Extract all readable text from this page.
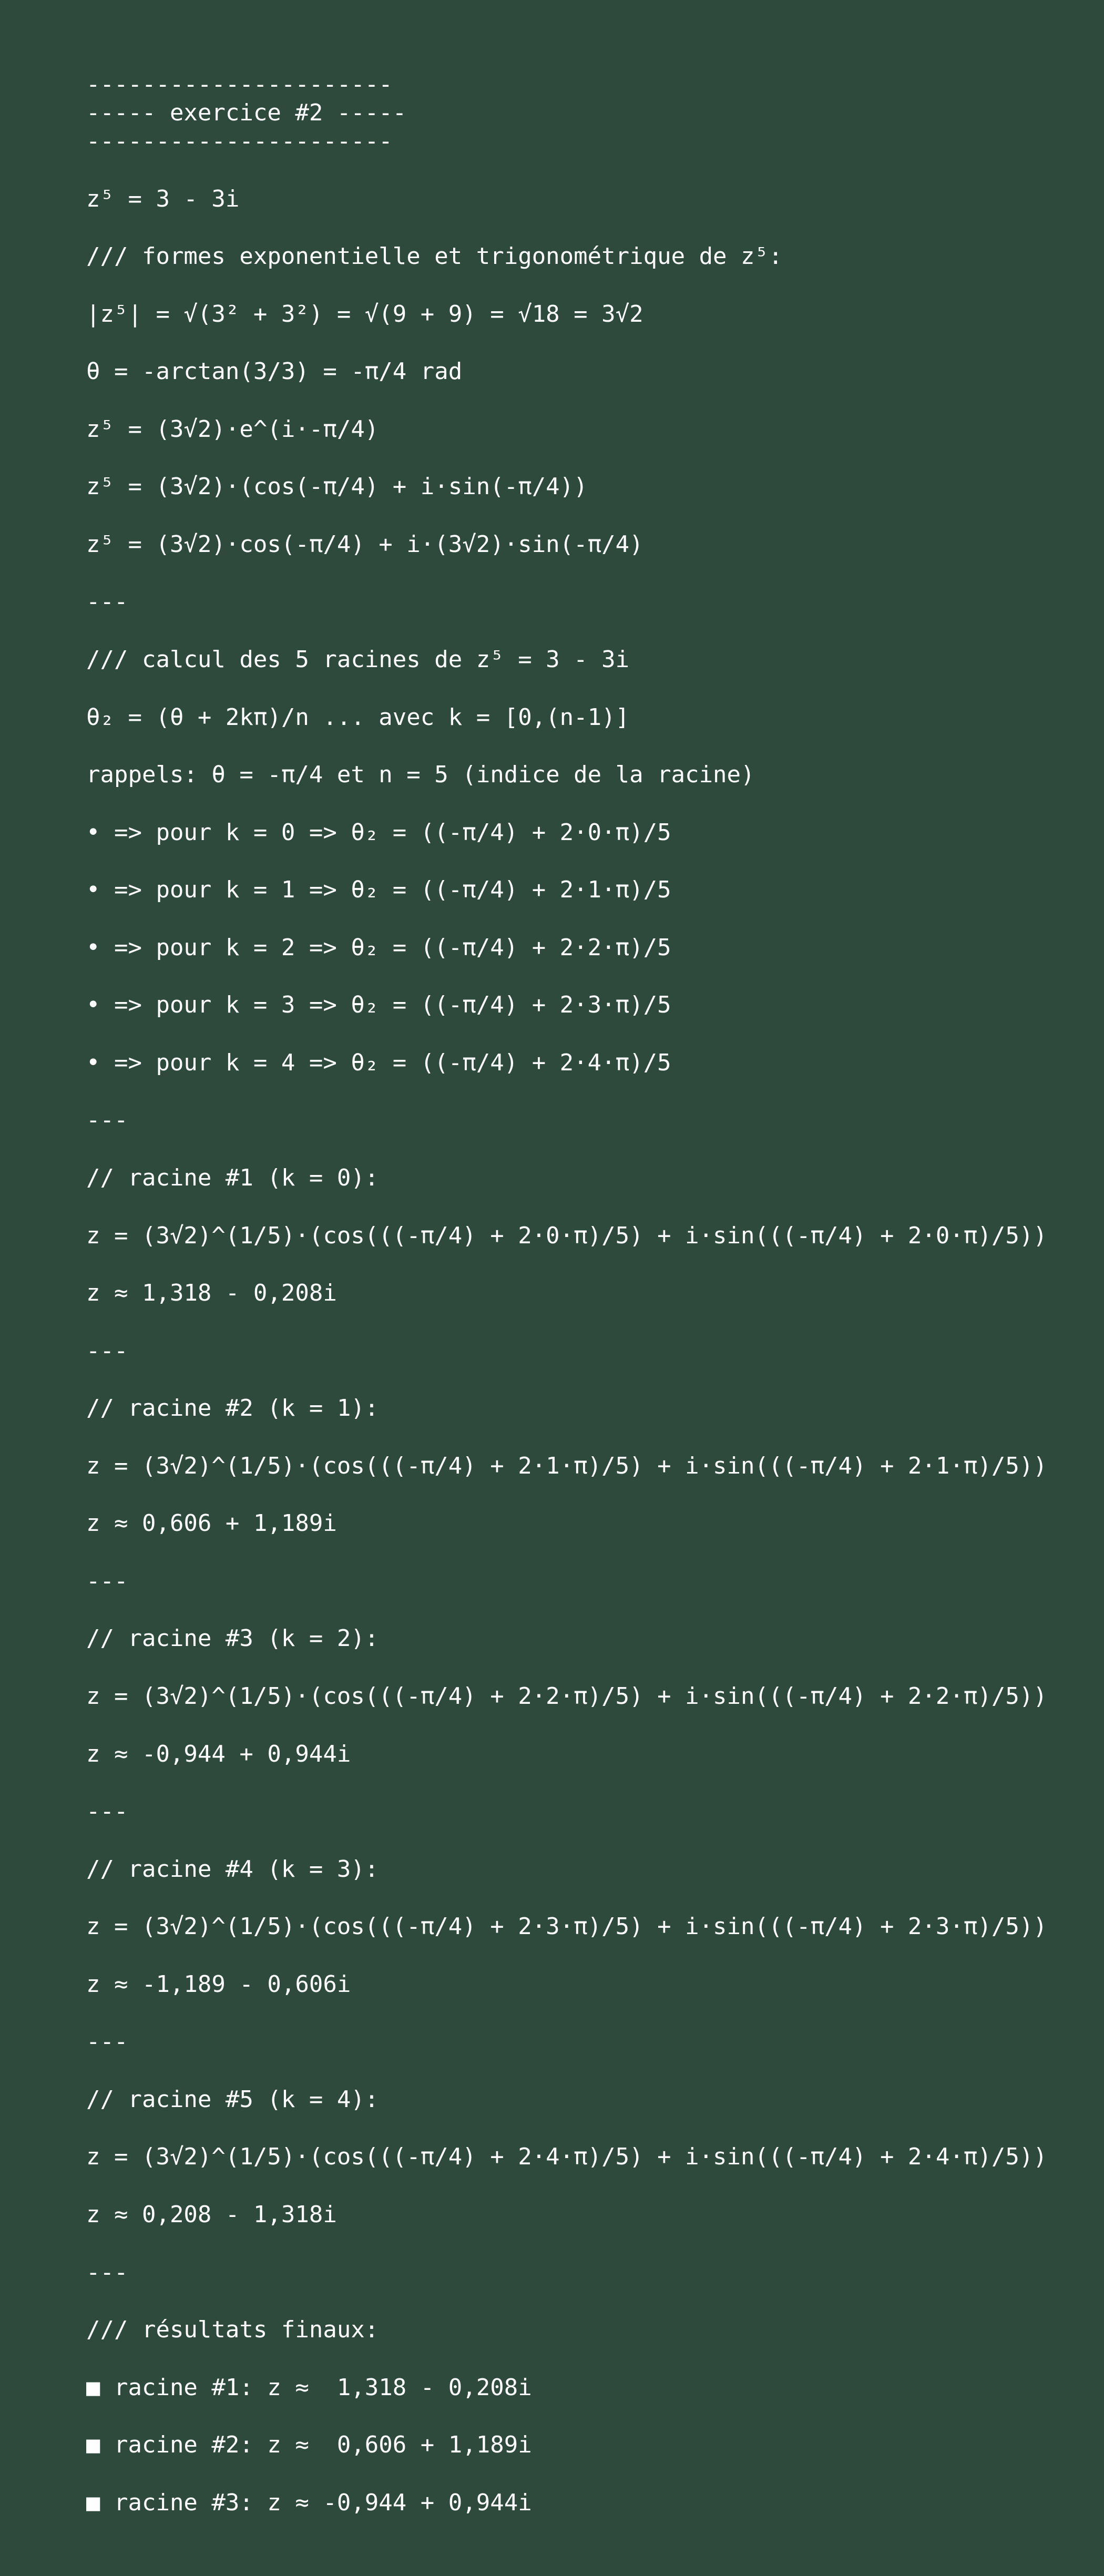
----------------------
----- exercice #2 -----
----------------------
z⁵ = 3 - 3i
/// formes exponentielle et trigonométrique de z⁵:
|z⁵| = √(3² + 3²) = √(9 + 9) = √18 = 3√2
θ = -arctan(3/3) = -π/4 rad
z⁵ = (3√2)·e^(i·-π/4)
z⁵ = (3√2)·(cos(-π/4) + i·sin(-π/4))
z⁵ = (3√2)·cos(-π/4) + i·(3√2)·sin(-π/4)
---
/// calcul des 5 racines de z⁵ = 3 - 3i
θ₂ = (θ + 2kπ)/n ... avec k = [0,(n-1)]
rappels: θ = -π/4 et n = 5 (indice de la racine)
• => pour k = 0 => θ₂ = ((-π/4) + 2·0·π)/5
• => pour k = 1 => θ₂ = ((-π/4) + 2·1·π)/5
• => pour k = 2 => θ₂ = ((-π/4) + 2·2·π)/5
• => pour k = 3 => θ₂ = ((-π/4) + 2·3·π)/5
• => pour k = 4 => θ₂ = ((-π/4) + 2·4·π)/5
---
// racine #1 (k = 0):
z = (3√2)^(1/5)·(cos(((-π/4) + 2·0·π)/5) + i·sin(((-π/4) + 2·0·π)/5))
z ≈ 1,318 - 0,208i
---
// racine #2 (k = 1):
z = (3√2)^(1/5)·(cos(((-π/4) + 2·1·π)/5) + i·sin(((-π/4) + 2·1·π)/5))
z ≈ 0,606 + 1,189i
---
// racine #3 (k = 2):
z = (3√2)^(1/5)·(cos(((-π/4) + 2·2·π)/5) + i·sin(((-π/4) + 2·2·π)/5))
z ≈ -0,944 + 0,944i
---
// racine #4 (k = 3):
z = (3√2)^(1/5)·(cos(((-π/4) + 2·3·π)/5) + i·sin(((-π/4) + 2·3·π)/5))
z ≈ -1,189 - 0,606i
---
// racine #5 (k = 4):
z = (3√2)^(1/5)·(cos(((-π/4) + 2·4·π)/5) + i·sin(((-π/4) + 2·4·π)/5))
z ≈ 0,208 - 1,318i
---
/// résultats finaux:
■ racine #1: z ≈  1,318 - 0,208i
■ racine #2: z ≈  0,606 + 1,189i
■ racine #3: z ≈ -0,944 + 0,944i
